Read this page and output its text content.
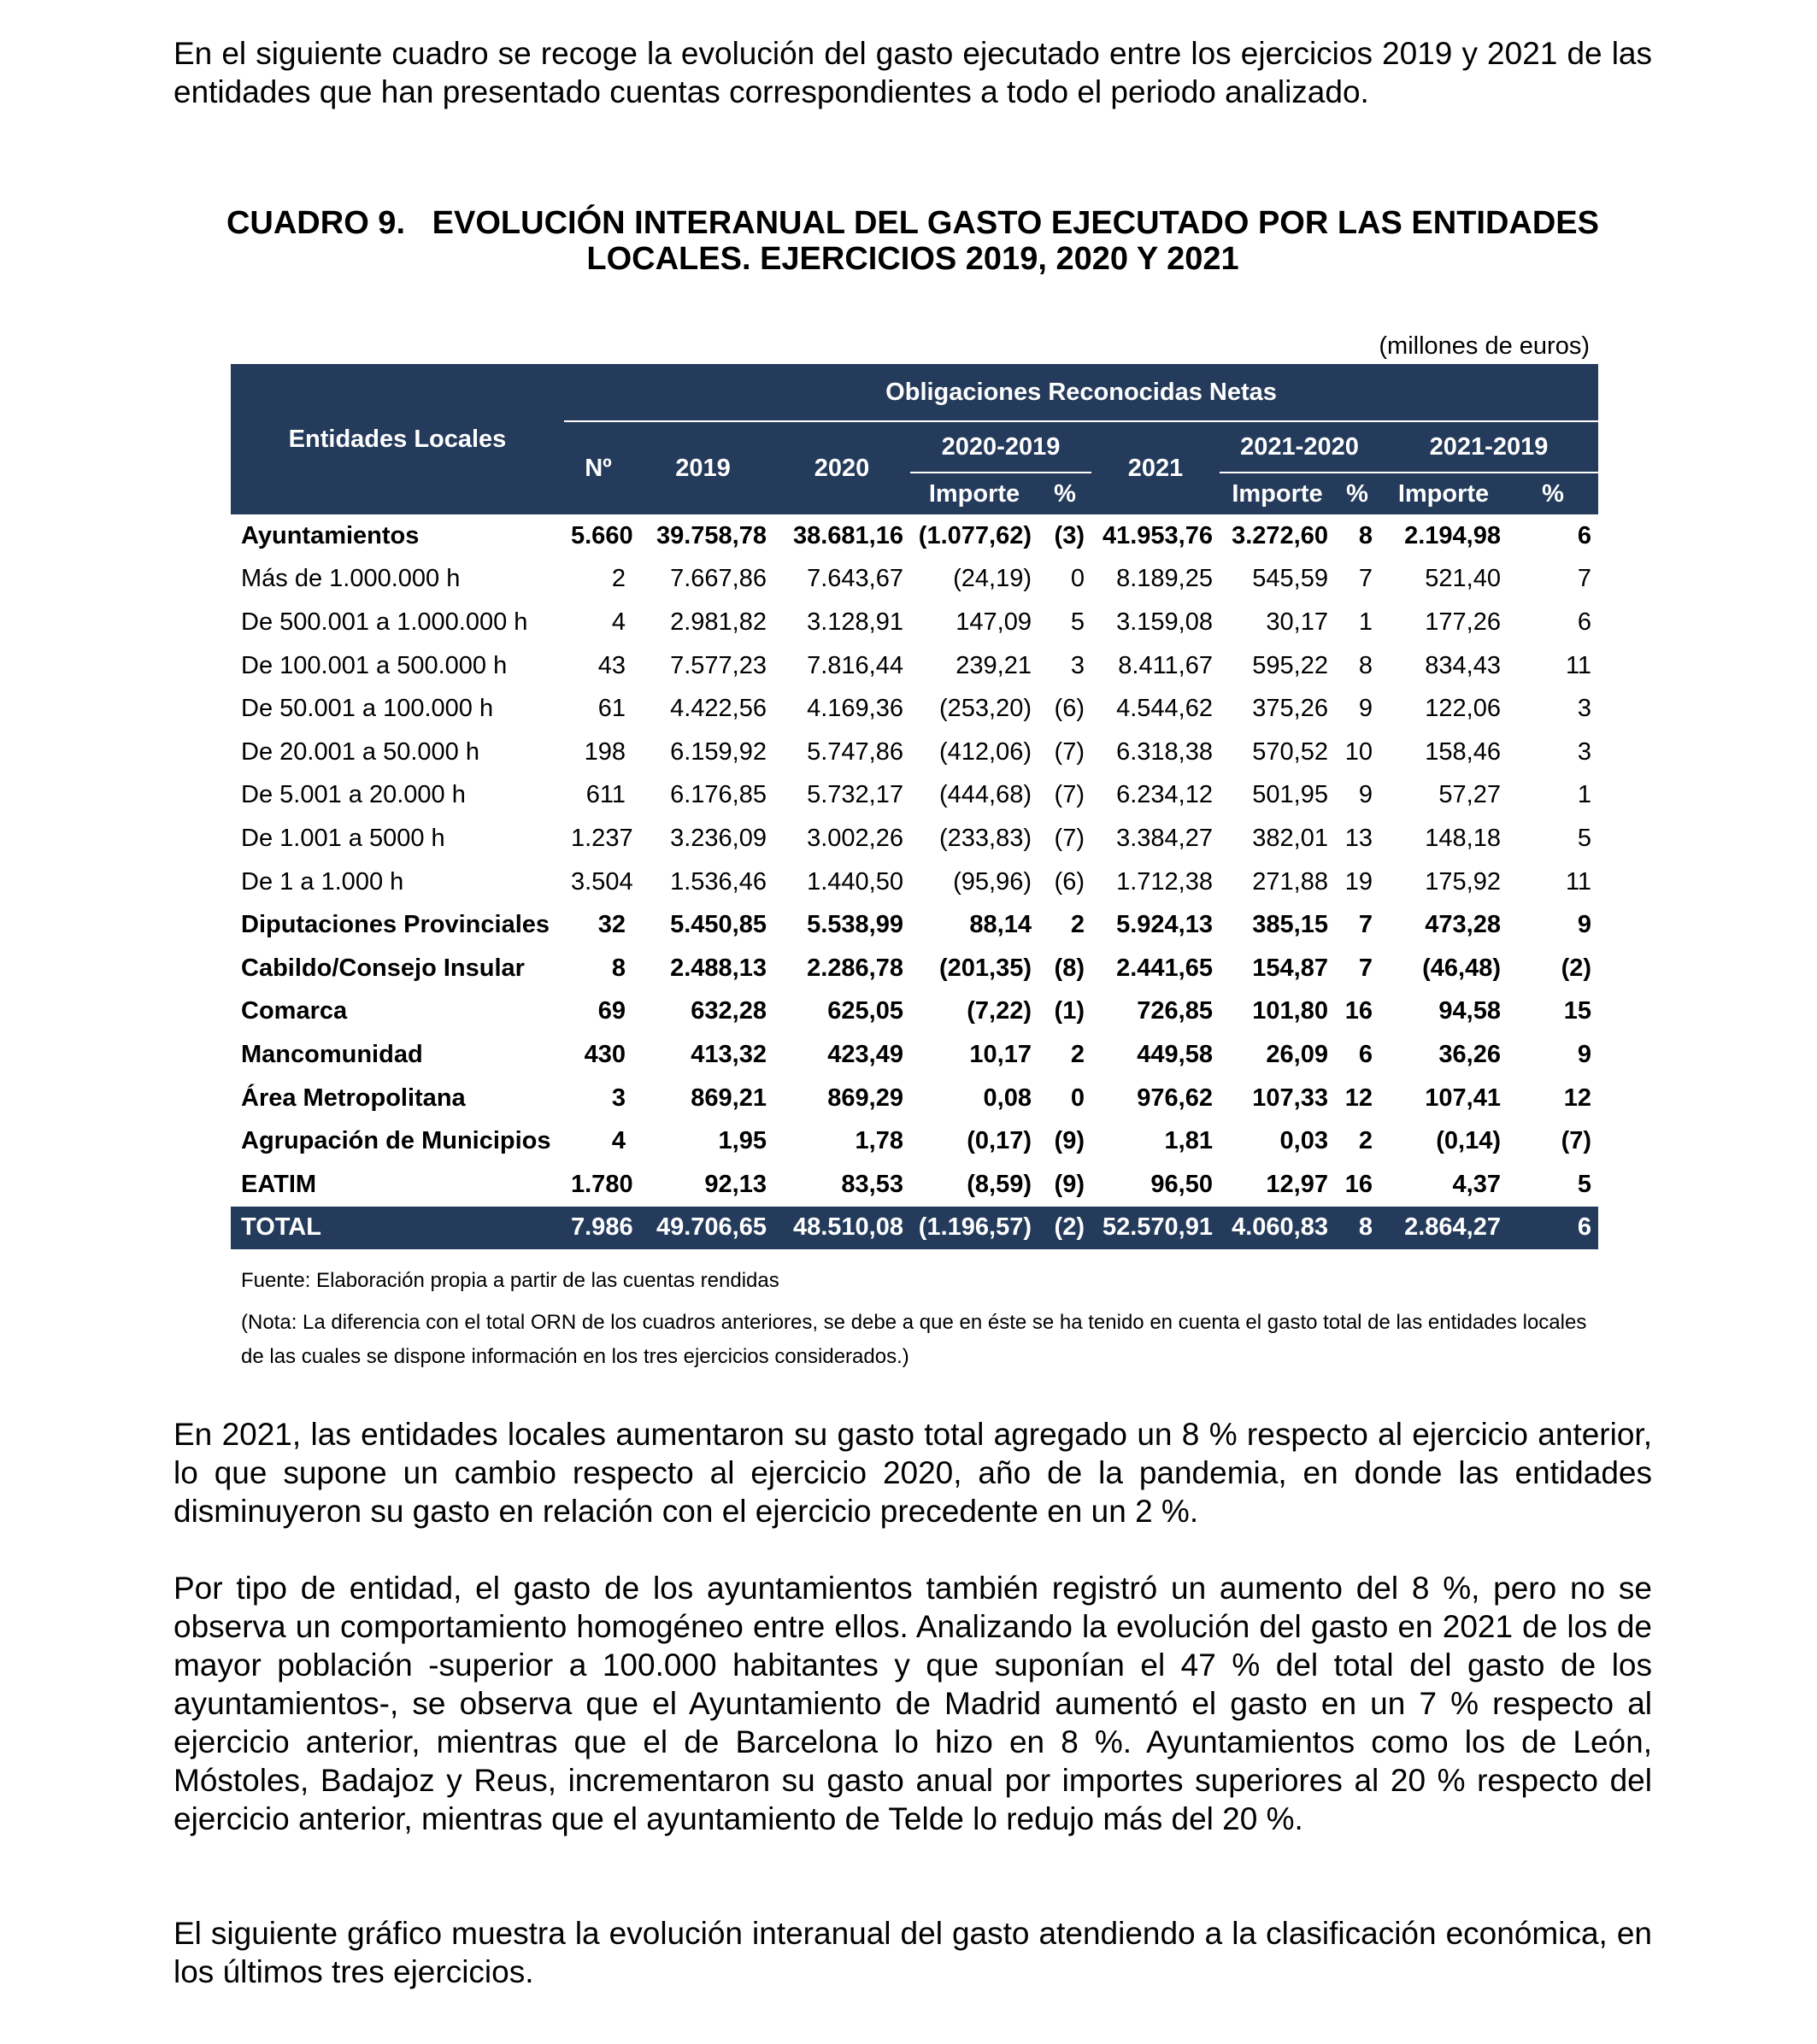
En el siguiente cuadro se recoge la evolución del gasto ejecutado entre los ejercicios 2019 y 2021 de las entidades que han presentado cuentas correspondientes a todo el periodo analizado.

CUADRO 9.   EVOLUCIÓN INTERANUAL DEL GASTO EJECUTADO POR LAS ENTIDADES
LOCALES. EJERCICIOS 2019, 2020 Y 2021
(millones de euros)
Entidades Locales	Obligaciones Reconocidas Netas									
	Nº	2019	2020	2020-2019		2021	2021-2020		2021-2019	
				Importe	%		Importe	%	Importe	%
Ayuntamientos	5.660	39.758,78	38.681,16	(1.077,62)	(3)	41.953,76	3.272,60	8	2.194,98	6
Más de 1.000.000 h	2	7.667,86	7.643,67	(24,19)	0	8.189,25	545,59	7	521,40	7
De 500.001 a 1.000.000 h	4	2.981,82	3.128,91	147,09	5	3.159,08	30,17	1	177,26	6
De 100.001 a 500.000 h	43	7.577,23	7.816,44	239,21	3	8.411,67	595,22	8	834,43	11
De 50.001 a 100.000 h	61	4.422,56	4.169,36	(253,20)	(6)	4.544,62	375,26	9	122,06	3
De 20.001 a 50.000 h	198	6.159,92	5.747,86	(412,06)	(7)	6.318,38	570,52	10	158,46	3
De 5.001 a 20.000 h	611	6.176,85	5.732,17	(444,68)	(7)	6.234,12	501,95	9	57,27	1
De 1.001 a 5000 h	1.237	3.236,09	3.002,26	(233,83)	(7)	3.384,27	382,01	13	148,18	5
De 1 a 1.000 h	3.504	1.536,46	1.440,50	(95,96)	(6)	1.712,38	271,88	19	175,92	11
Diputaciones Provinciales	32	5.450,85	5.538,99	88,14	2	5.924,13	385,15	7	473,28	9
Cabildo/Consejo Insular	8	2.488,13	2.286,78	(201,35)	(8)	2.441,65	154,87	7	(46,48)	(2)
Comarca	69	632,28	625,05	(7,22)	(1)	726,85	101,80	16	94,58	15
Mancomunidad	430	413,32	423,49	10,17	2	449,58	26,09	6	36,26	9
Área Metropolitana	3	869,21	869,29	0,08	0	976,62	107,33	12	107,41	12
Agrupación de Municipios	4	1,95	1,78	(0,17)	(9)	1,81	0,03	2	(0,14)	(7)
EATIM	1.780	92,13	83,53	(8,59)	(9)	96,50	12,97	16	4,37	5
TOTAL	7.986	49.706,65	48.510,08	(1.196,57)	(2)	52.570,91	4.060,83	8	2.864,27	6
Fuente: Elaboración propia a partir de las cuentas rendidas
(Nota: La diferencia con el total ORN de los cuadros anteriores, se debe a que en éste se ha tenido en cuenta el gasto total de las entidades locales
de las cuales se dispone información en los tres ejercicios considerados.)

En 2021, las entidades locales aumentaron su gasto total agregado un 8 % respecto al ejercicio anterior, lo que supone un cambio respecto al ejercicio 2020, año de la pandemia, en donde las entidades disminuyeron su gasto en relación con el ejercicio precedente en un 2 %.

Por tipo de entidad, el gasto de los ayuntamientos también registró un aumento del 8 %, pero no se observa un comportamiento homogéneo entre ellos. Analizando la evolución del gasto en 2021 de los de mayor población -superior a 100.000 habitantes y que suponían el 47 % del total del gasto de los ayuntamientos-, se observa que el Ayuntamiento de Madrid aumentó el gasto en un 7 % respecto al ejercicio anterior, mientras que el de Barcelona lo hizo en 8 %. Ayuntamientos como los de León, Móstoles, Badajoz y Reus, incrementaron su gasto anual por importes superiores al 20 % respecto del ejercicio anterior, mientras que el ayuntamiento de Telde lo redujo más del 20 %.

El siguiente gráfico muestra la evolución interanual del gasto atendiendo a la clasificación económica, en los últimos tres ejercicios.
